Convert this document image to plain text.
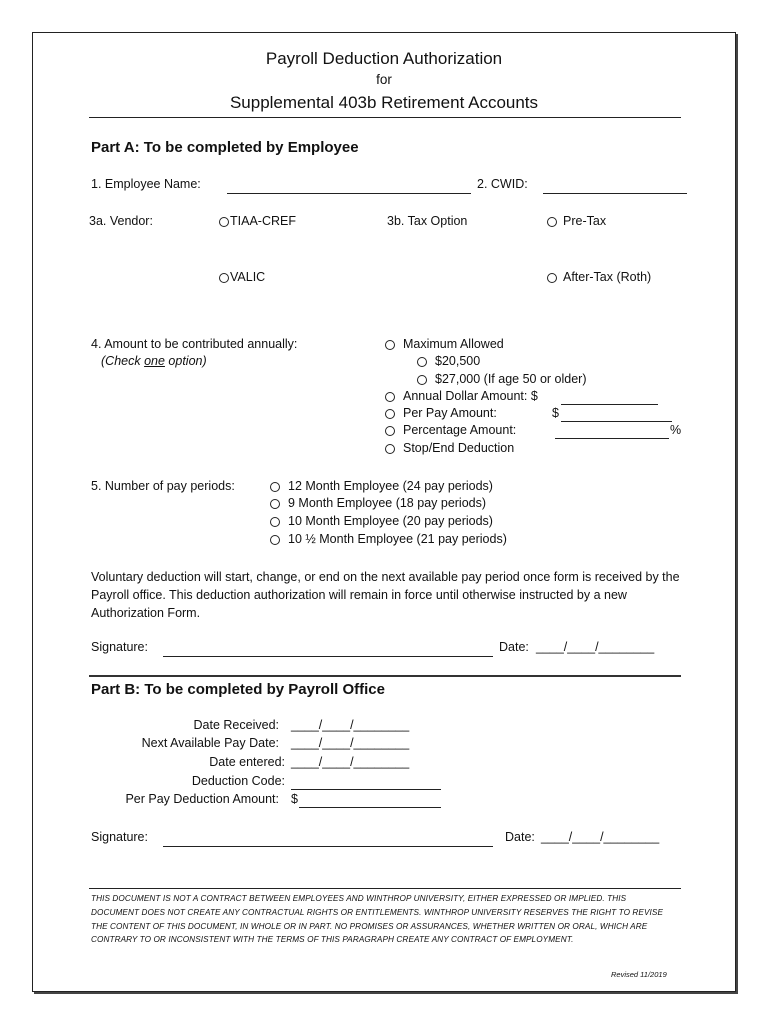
Payroll Deduction Authorization
for
Supplemental 403b Retirement Accounts
Part A: To be completed by Employee
1. Employee Name:	2. CWID:
3a. Vendor:	TIAA-CREF	3b. Tax Option	Pre-Tax
VALIC	After-Tax (Roth)
4. Amount to be contributed annually:
(Check one option)
Maximum Allowed
$20,500
$27,000 (If age 50 or older)
Annual Dollar Amount: $
Per Pay Amount:	$
Percentage Amount:	%
Stop/End Deduction
5. Number of pay periods:	12 Month Employee (24 pay periods)
9 Month Employee (18 pay periods)
10 Month Employee (20 pay periods)
10 ½ Month Employee (21 pay periods)
Voluntary deduction will start, change, or end on the next available pay period once form is received by the Payroll office. This deduction authorization will remain in force until otherwise instructed by a new Authorization Form.
Signature:	Date: ____/____/________
Part B: To be completed by Payroll Office
Date Received: ____/____/________
Next Available Pay Date: ____/____/________
Date entered: ____/____/________
Deduction Code:
Per Pay Deduction Amount: $
Signature:	Date: ____/____/________
THIS DOCUMENT IS NOT A CONTRACT BETWEEN EMPLOYEES AND WINTHROP UNIVERSITY, EITHER EXPRESSED OR IMPLIED. THIS DOCUMENT DOES NOT CREATE ANY CONTRACTUAL RIGHTS OR ENTITLEMENTS. WINTHROP UNIVERSITY RESERVES THE RIGHT TO REVISE THE CONTENT OF THIS DOCUMENT, IN WHOLE OR IN PART. NO PROMISES OR ASSURANCES, WHETHER WRITTEN OR ORAL, WHICH ARE CONTRARY TO OR INCONSISTENT WITH THE TERMS OF THIS PARAGRAPH CREATE ANY CONTRACT OF EMPLOYMENT.
Revised 11/2019
